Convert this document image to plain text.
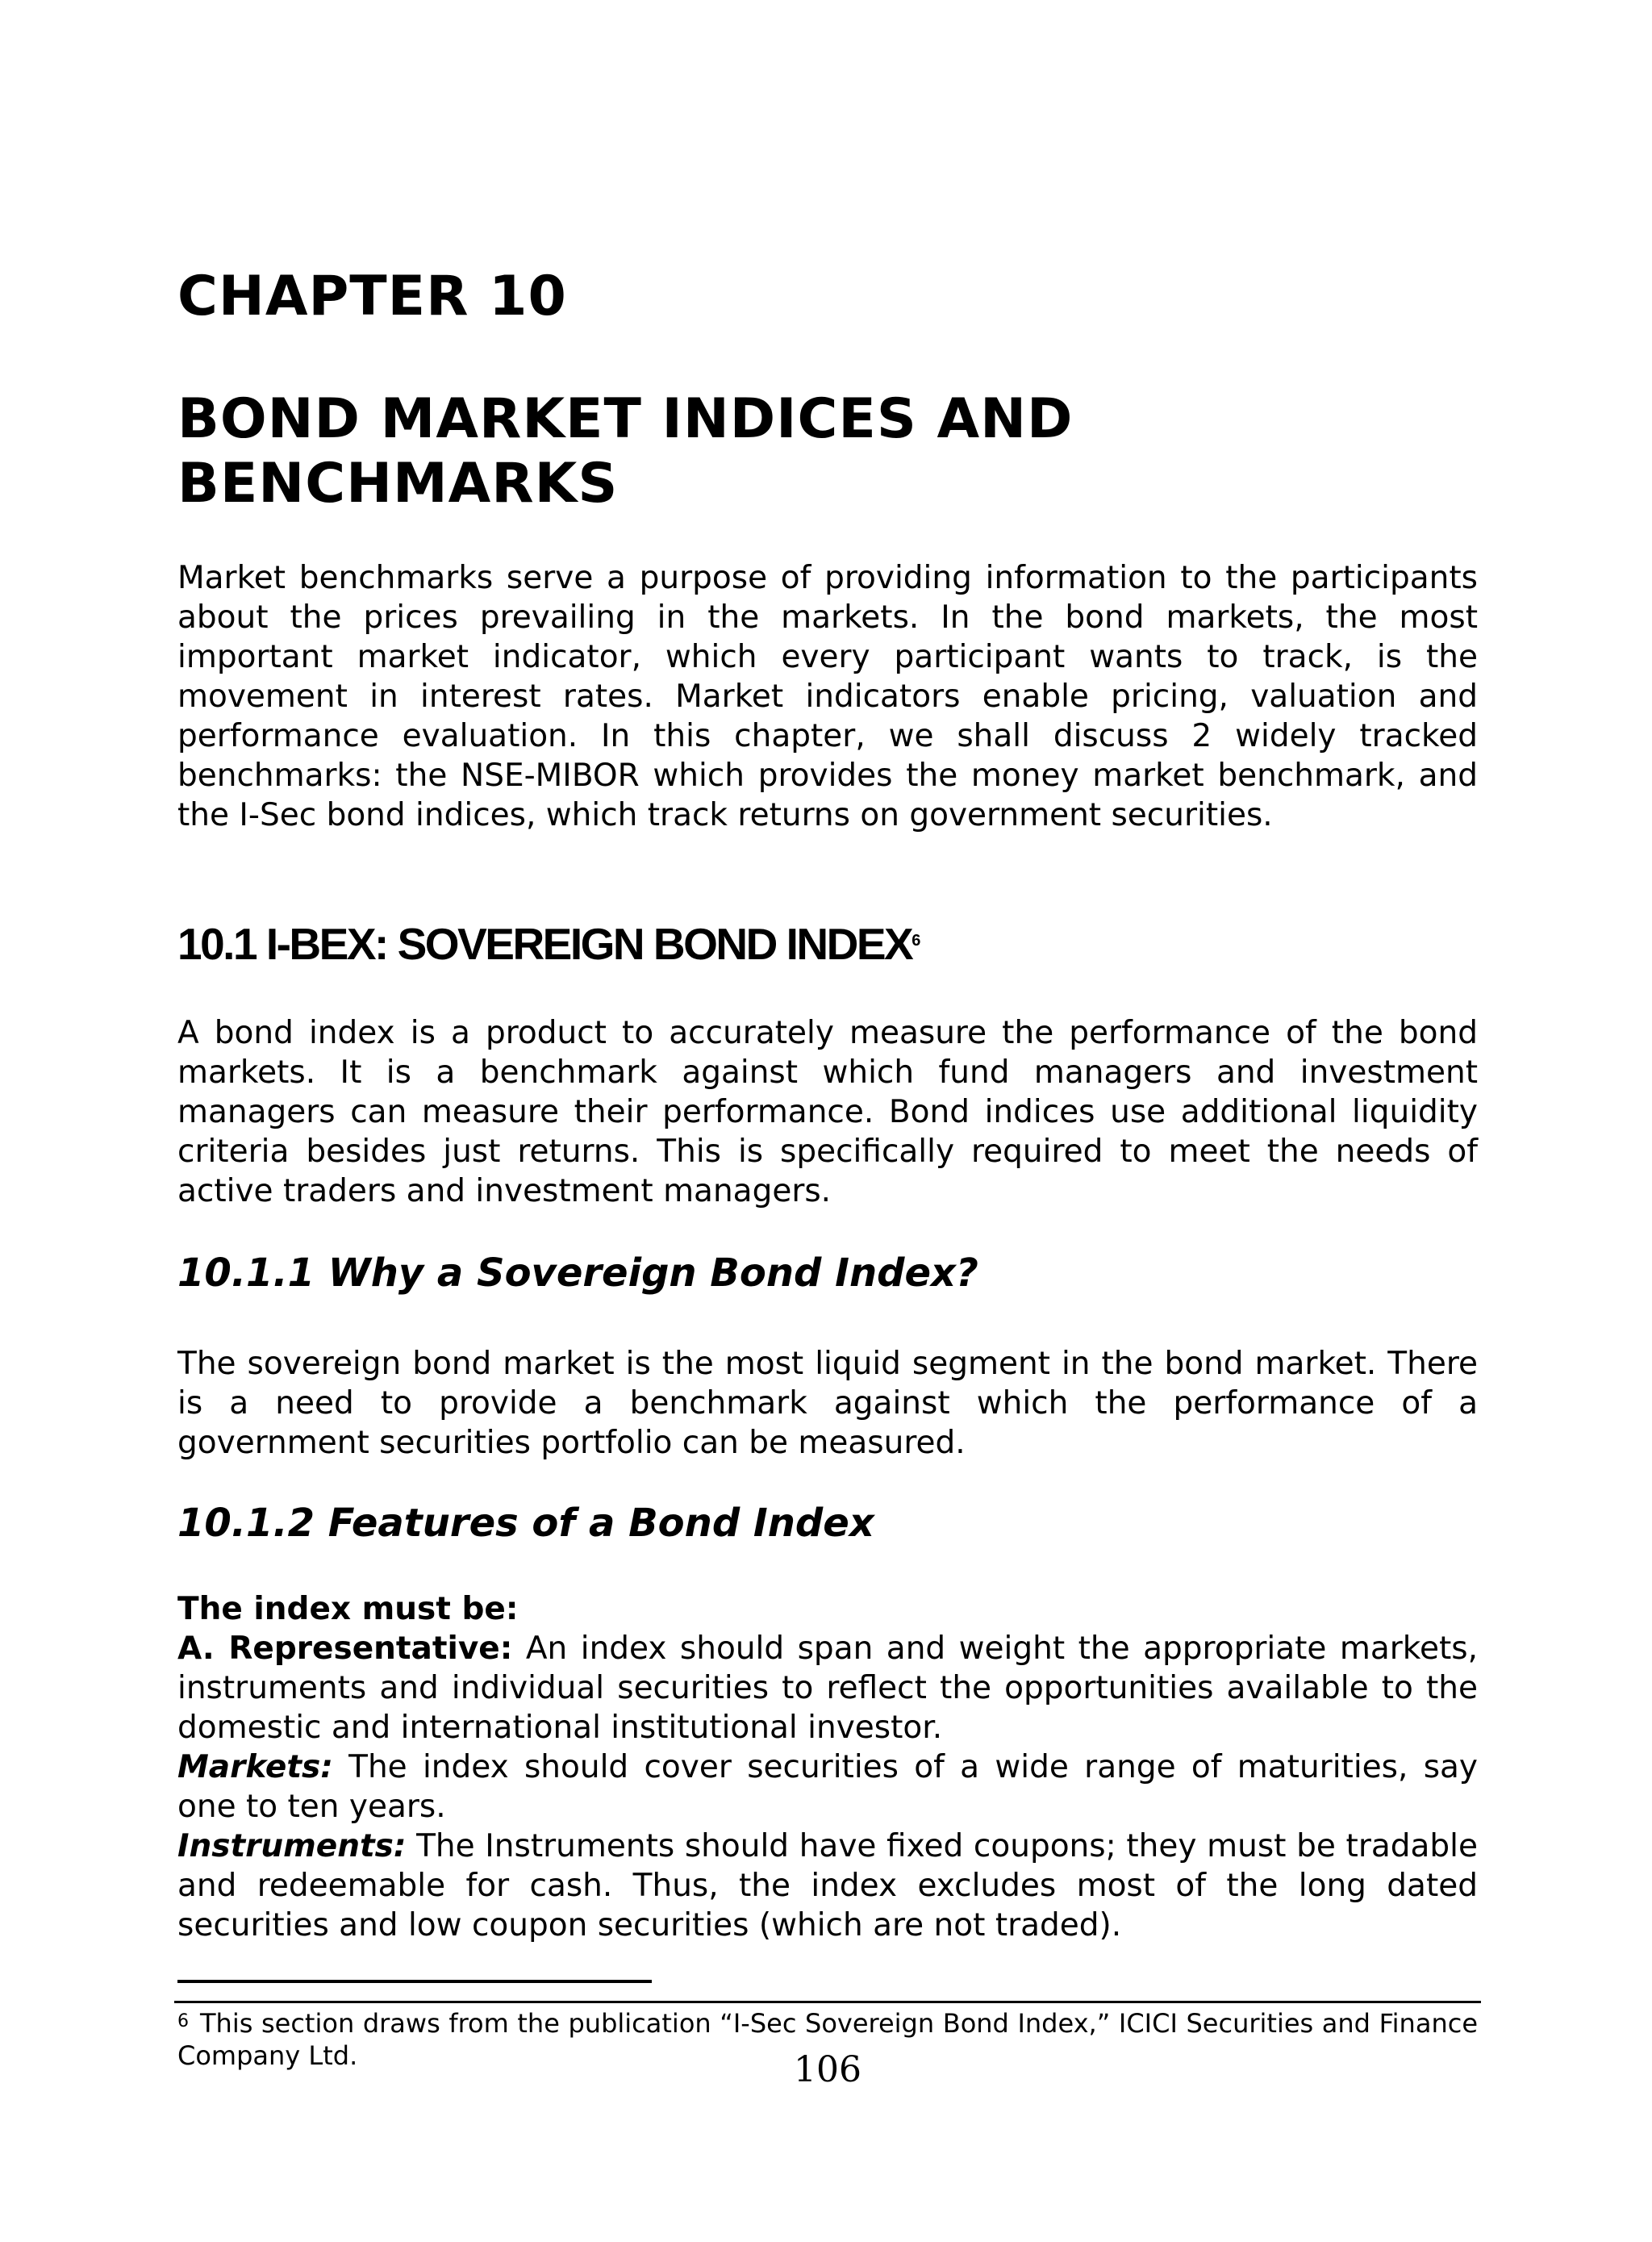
CHAPTER 10
BOND MARKET INDICES AND
BENCHMARKS

Market benchmarks serve a purpose of providing information to the participants about the prices prevailing in the markets. In the bond markets, the most important market indicator, which every participant wants to track, is the movement in interest rates. Market indicators enable pricing, valuation and performance evaluation. In this chapter, we shall discuss 2 widely tracked benchmarks: the NSE-MIBOR which provides the money market benchmark, and the I-Sec bond indices, which track returns on government securities.

10.1 I-BEX: SOVEREIGN BOND INDEX$^6$

A bond index is a product to accurately measure the performance of the bond markets. It is a benchmark against which fund managers and investment managers can measure their performance. Bond indices use additional liquidity criteria besides just returns. This is specifically required to meet the needs of active traders and investment managers.

10.1.1 Why a Sovereign Bond Index?

The sovereign bond market is the most liquid segment in the bond market. There is a need to provide a benchmark against which the performance of a government securities portfolio can be measured.

10.1.2 Features of a Bond Index

The index must be:

A. Representative: An index should span and weight the appropriate markets, instruments and individual securities to reflect the opportunities available to the domestic and international institutional investor.

Markets: The index should cover securities of a wide range of maturities, say one to ten years.

Instruments: The Instruments should have fixed coupons; they must be tradable and redeemable for cash. Thus, the index excludes most of the long dated securities and low coupon securities (which are not traded).

$^6$ This section draws from the publication “I-Sec Sovereign Bond Index,” ICICI Securities and Finance Company Ltd.	106
